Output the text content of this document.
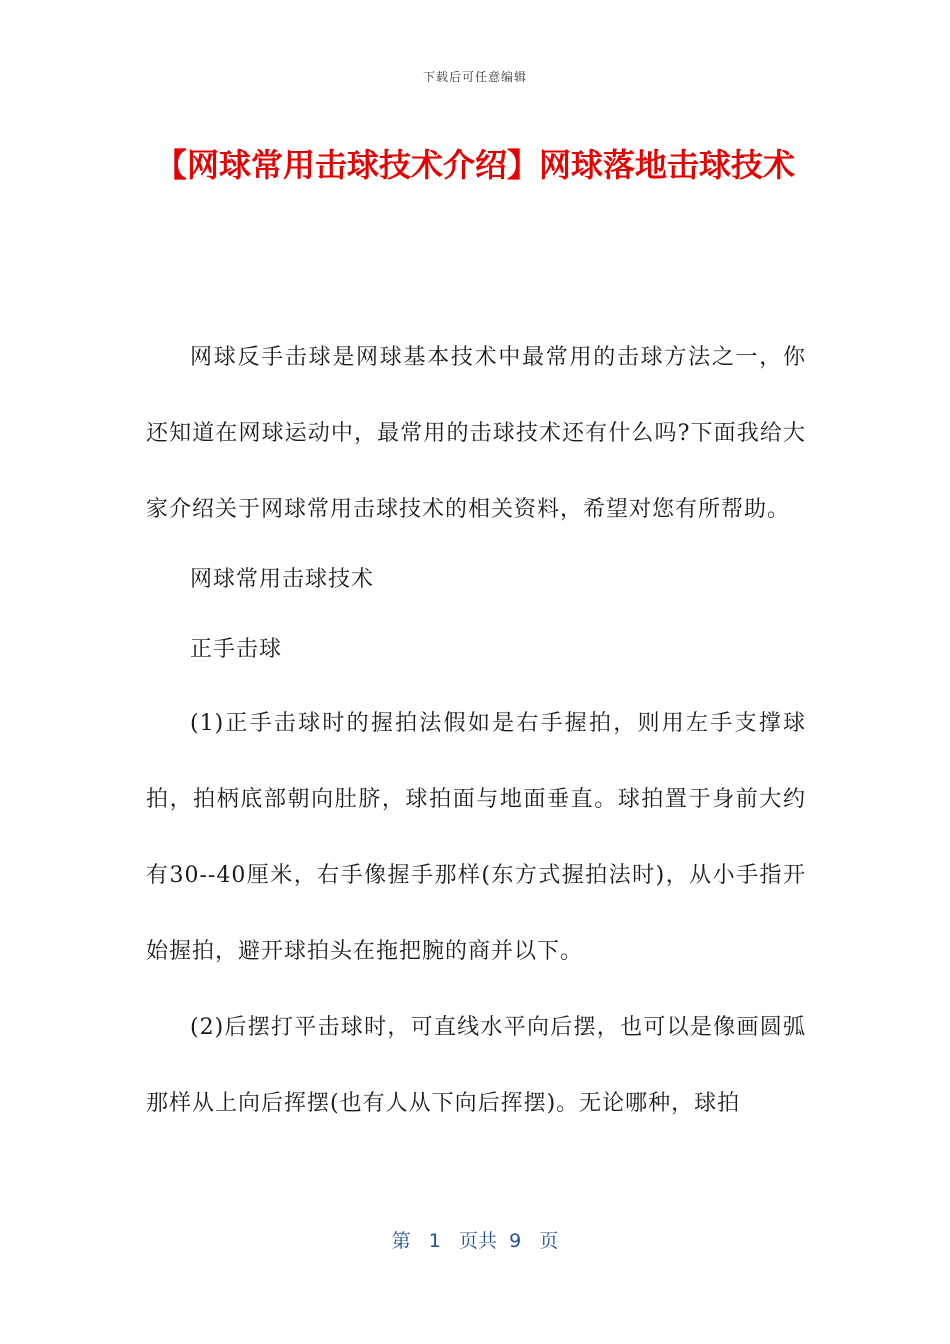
下载后可任意编辑
【网球常用击球技术介绍】网球落地击球技术

网球反手击球是网球基本技术中最常用的击球方法之一，你还知道在网球运动中，最常用的击球技术还有什么吗?下面我给大家介绍关于网球常用击球技术的相关资料，希望对您有所帮助。

网球常用击球技术

正手击球

(1)正手击球时的握拍法假如是右手握拍，则用左手支撑球拍，拍柄底部朝向肚脐，球拍面与地面垂直。球拍置于身前大约有30--40厘米，右手像握手那样(东方式握拍法时)，从小手指开始握拍，避开球拍头在拖把腕的商并以下。

(2)后摆打平击球时，可直线水平向后摆，也可以是像画圆弧那样从上向后挥摆(也有人从下向后挥摆)。无论哪种，球拍

第 1 页共 9 页
